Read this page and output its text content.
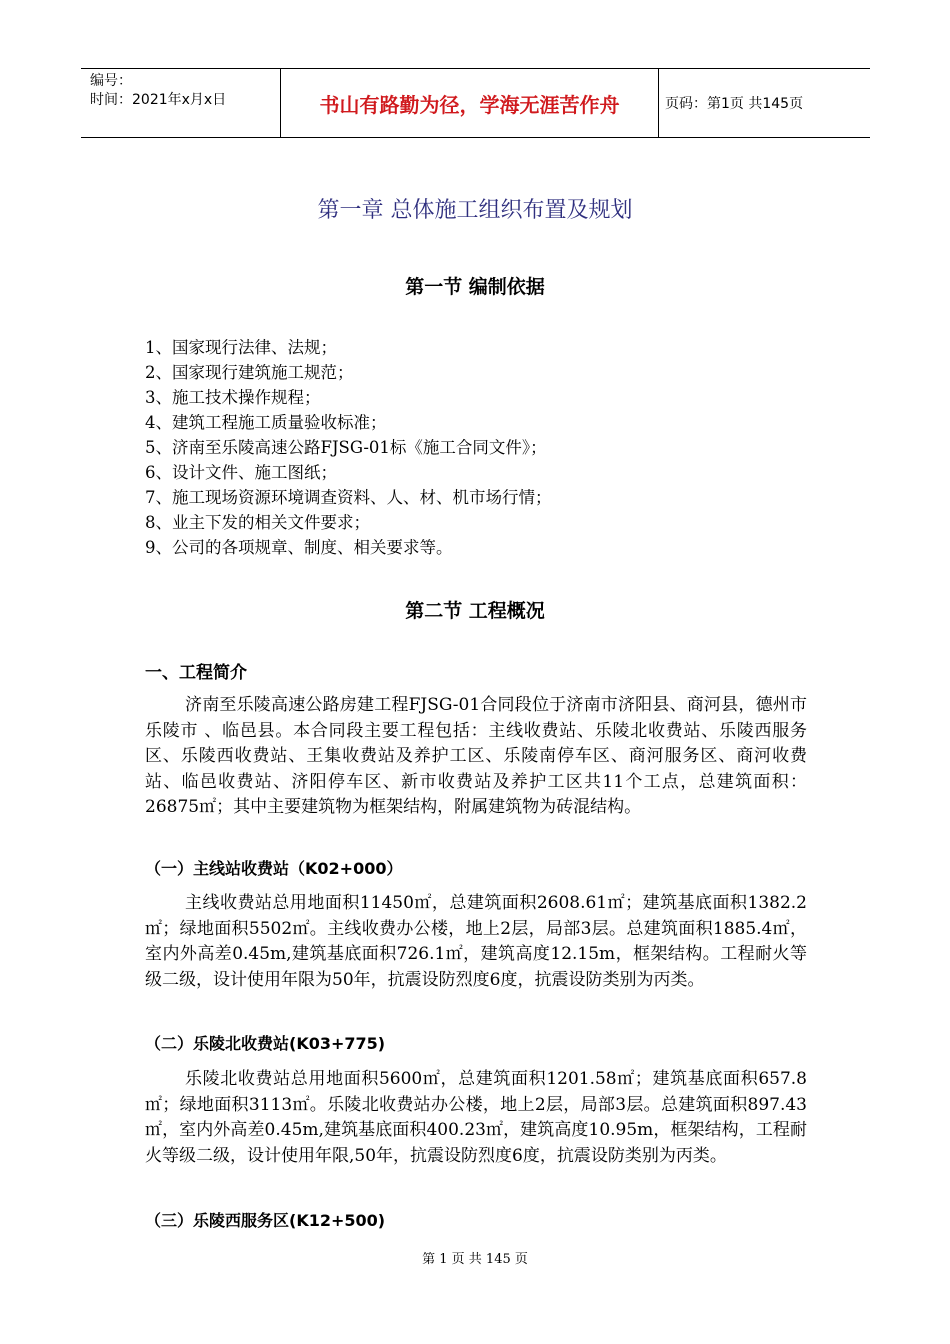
编号：
时间：2021年x月x日	书山有路勤为径，学海无涯苦作舟	页码：第1页 共145页
第一章 总体施工组织布置及规划
第一节 编制依据
1、国家现行法律、法规；
2、国家现行建筑施工规范；
3、施工技术操作规程；
4、建筑工程施工质量验收标准；
5、济南至乐陵高速公路FJSG-01标《施工合同文件》；
6、设计文件、施工图纸；
7、施工现场资源环境调查资料、人、材、机市场行情；
8、业主下发的相关文件要求；
9、公司的各项规章、制度、相关要求等。
第二节 工程概况
一、工程简介
济南至乐陵高速公路房建工程FJSG-01合同段位于济南市济阳县、商河县，德州市乐陵市 、临邑县。本合同段主要工程包括：主线收费站、乐陵北收费站、乐陵西服务区、乐陵西收费站、王集收费站及养护工区、乐陵南停车区、商河服务区、商河收费站、临邑收费站、济阳停车区、新市收费站及养护工区共11个工点，总建筑面积：26875㎡；其中主要建筑物为框架结构，附属建筑物为砖混结构。
（一）主线站收费站（K02+000）
主线收费站总用地面积11450㎡，总建筑面积2608.61㎡；建筑基底面积1382.2㎡；绿地面积5502㎡。主线收费办公楼，地上2层，局部3层。总建筑面积1885.4㎡，室内外高差0.45m,建筑基底面积726.1㎡，建筑高度12.15m，框架结构。工程耐火等级二级，设计使用年限为50年，抗震设防烈度6度，抗震设防类别为丙类。
（二）乐陵北收费站(K03+775)
乐陵北收费站总用地面积5600㎡，总建筑面积1201.58㎡；建筑基底面积657.8㎡；绿地面积3113㎡。乐陵北收费站办公楼，地上2层，局部3层。总建筑面积897.43㎡，室内外高差0.45m,建筑基底面积400.23㎡，建筑高度10.95m，框架结构，工程耐火等级二级，设计使用年限,50年，抗震设防烈度6度，抗震设防类别为丙类。
（三）乐陵西服务区(K12+500)
第 1 页 共 145 页
